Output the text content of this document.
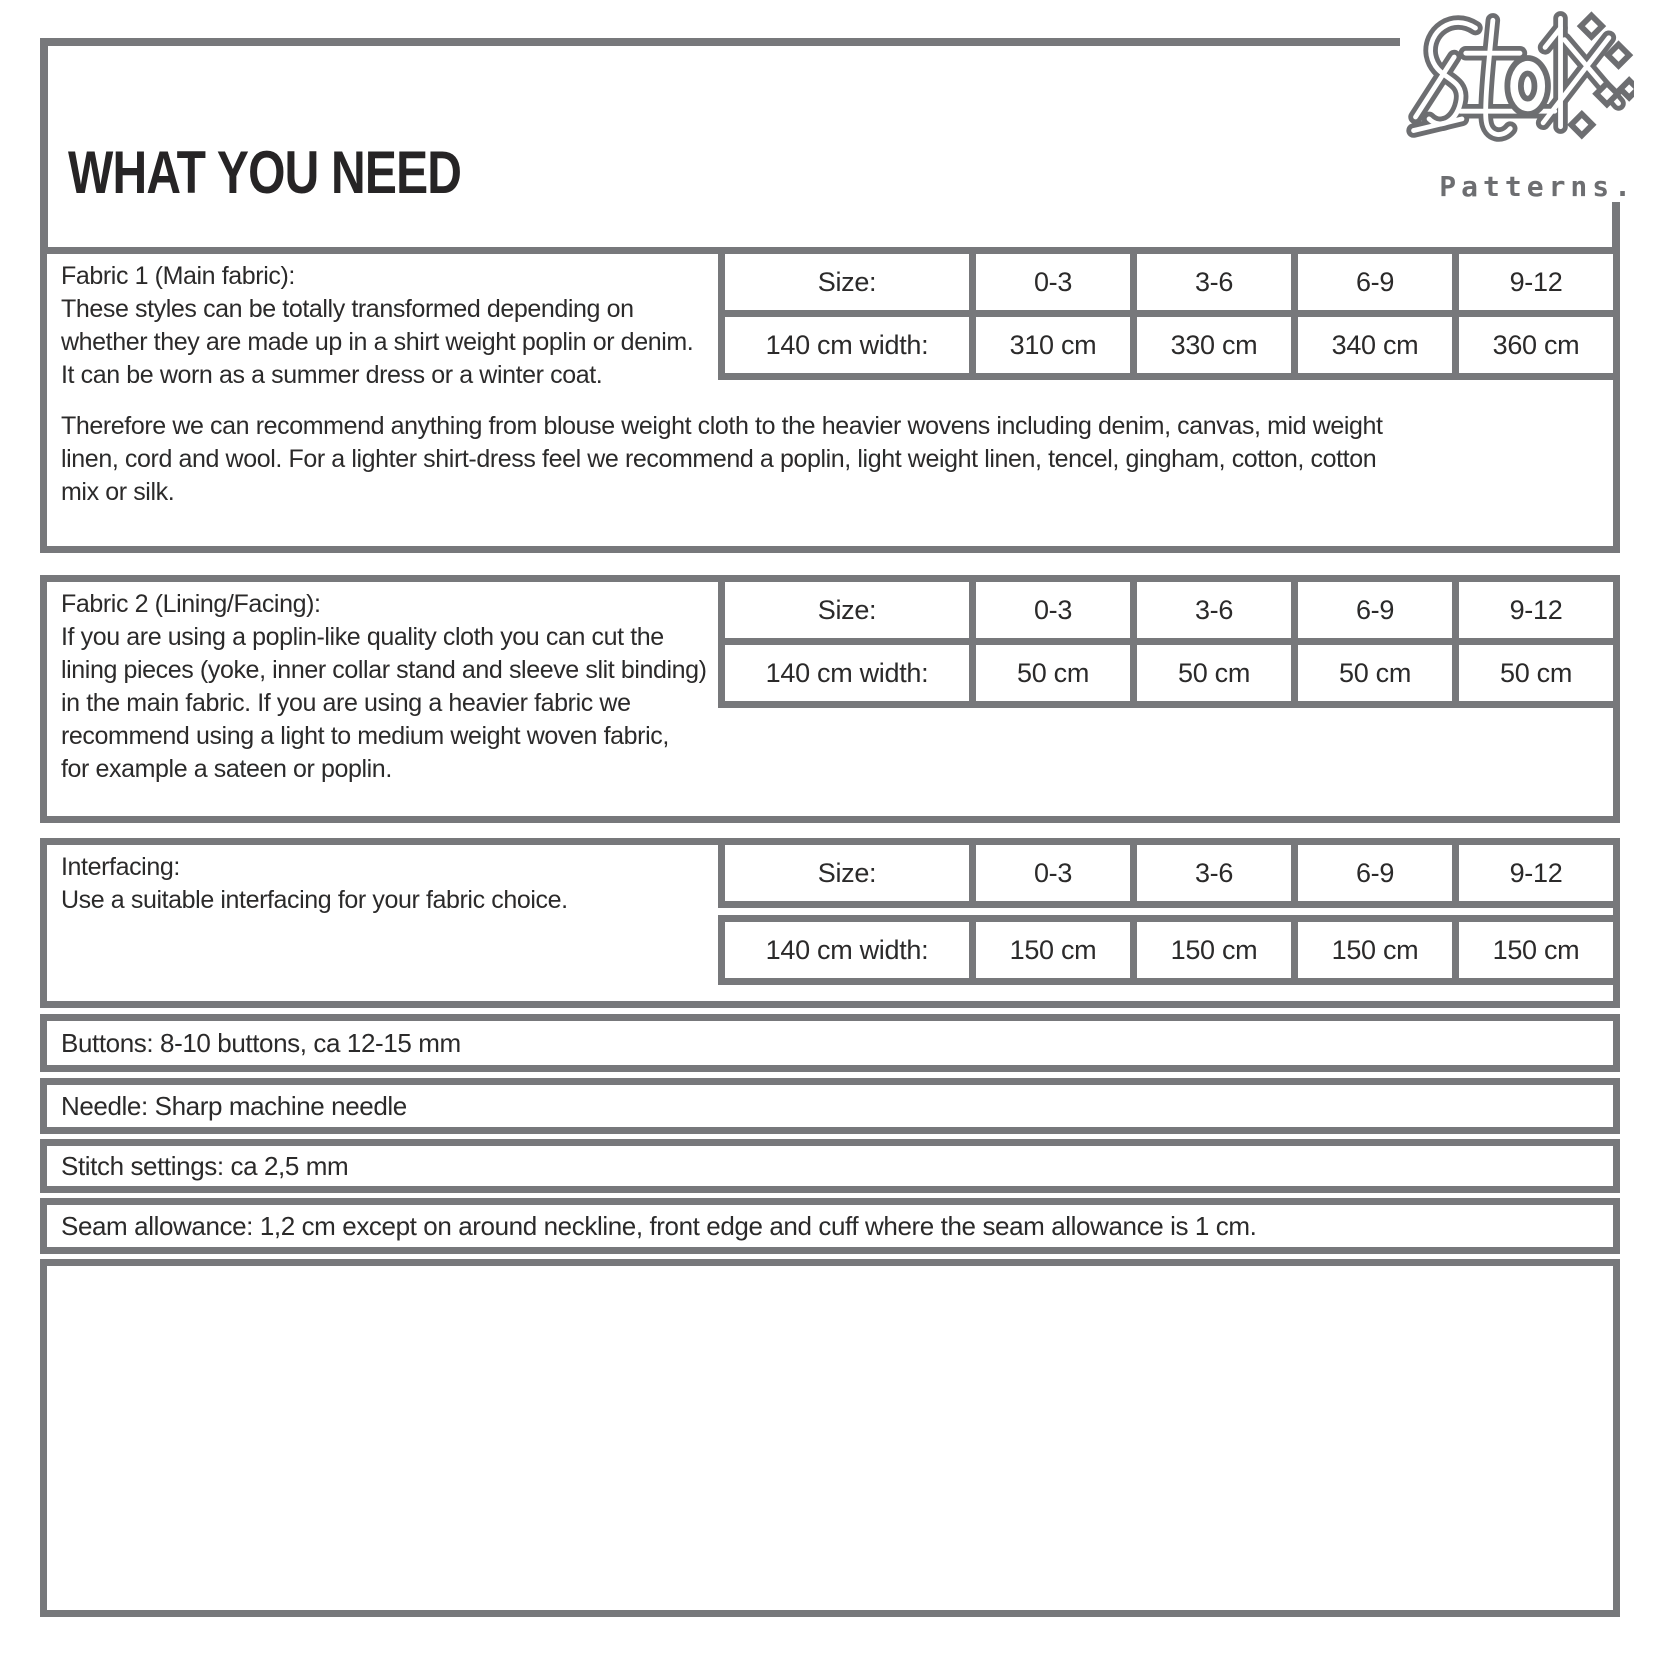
WHAT YOU NEED	Patterns.
Fabric 1 (Main fabric):
These styles can be totally transformed depending on
whether they are made up in a shirt weight poplin or denim.
It can be worn as a summer dress or a winter coat.
Therefore we can recommend anything from blouse weight cloth to the heavier wovens including denim, canvas, mid weight
linen, cord and wool. For a lighter shirt-dress feel we recommend a poplin, light weight linen, tencel, gingham, cotton, cotton
mix or silk.
Size:	0-3	3-6	6-9	9-12
140 cm width:	310 cm	330 cm	340 cm	360 cm
Fabric 2 (Lining/Facing):
If you are using a poplin-like quality cloth you can cut the
lining pieces (yoke, inner collar stand and sleeve slit binding)
in the main fabric. If you are using a heavier fabric we
recommend using a light to medium weight woven fabric,
for example a sateen or poplin.
Size:	0-3	3-6	6-9	9-12
140 cm width:	50 cm	50 cm	50 cm	50 cm
Interfacing:
Use a suitable interfacing for your fabric choice.
Size:	0-3	3-6	6-9	9-12
140 cm width:	150 cm	150 cm	150 cm	150 cm
Buttons: 8-10 buttons, ca 12-15 mm
Needle: Sharp machine needle
Stitch settings: ca 2,5 mm
Seam allowance: 1,2 cm except on around neckline, front edge and cuff where the seam allowance is 1 cm.
